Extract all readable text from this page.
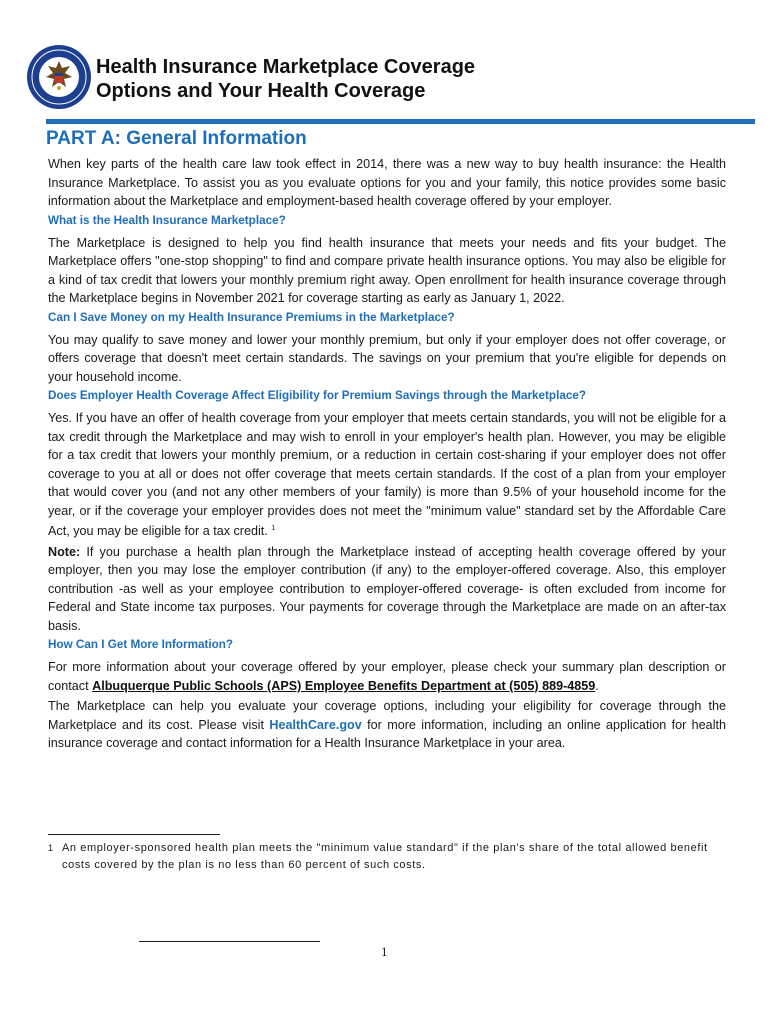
Health Insurance Marketplace Coverage
Options and Your Health Coverage
PART A: General Information

When key parts of the health care law took effect in 2014, there was a new way to buy health insurance: the Health Insurance Marketplace. To assist you as you evaluate options for you and your family, this notice provides some basic information about the Marketplace and employment-based health coverage offered by your employer.

What is the Health Insurance Marketplace?

The Marketplace is designed to help you find health insurance that meets your needs and fits your budget. The Marketplace offers "one-stop shopping" to find and compare private health insurance options. You may also be eligible for a kind of tax credit that lowers your monthly premium right away. Open enrollment for health insurance coverage through the Marketplace begins in November 2021 for coverage starting as early as January 1, 2022.

Can I Save Money on my Health Insurance Premiums in the Marketplace?

You may qualify to save money and lower your monthly premium, but only if your employer does not offer coverage, or offers coverage that doesn't meet certain standards. The savings on your premium that you're eligible for depends on your household income.

Does Employer Health Coverage Affect Eligibility for Premium Savings through the Marketplace?

Yes. If you have an offer of health coverage from your employer that meets certain standards, you will not be eligible for a tax credit through the Marketplace and may wish to enroll in your employer's health plan. However, you may be eligible for a tax credit that lowers your monthly premium, or a reduction in certain cost-sharing if your employer does not offer coverage to you at all or does not offer coverage that meets certain standards. If the cost of a plan from your employer that would cover you (and not any other members of your family) is more than 9.5% of your household income for the year, or if the coverage your employer provides does not meet the "minimum value" standard set by the Affordable Care Act, you may be eligible for a tax credit. $^1$

Note: If you purchase a health plan through the Marketplace instead of accepting health coverage offered by your employer, then you may lose the employer contribution (if any) to the employer-offered coverage. Also, this employer contribution -as well as your employee contribution to employer-offered coverage- is often excluded from income for Federal and State income tax purposes. Your payments for coverage through the Marketplace are made on an after-tax basis.

How Can I Get More Information?

For more information about your coverage offered by your employer, please check your summary plan description or contact Albuquerque Public Schools (APS) Employee Benefits Department at (505) 889-4859.

The Marketplace can help you evaluate your coverage options, including your eligibility for coverage through the Marketplace and its cost. Please visit HealthCare.gov for more information, including an online application for health insurance coverage and contact information for a Health Insurance Marketplace in your area.

1 An employer-sponsored health plan meets the "minimum value standard" if the plan's share of the total allowed benefit costs covered by the plan is no less than 60 percent of such costs.
1
